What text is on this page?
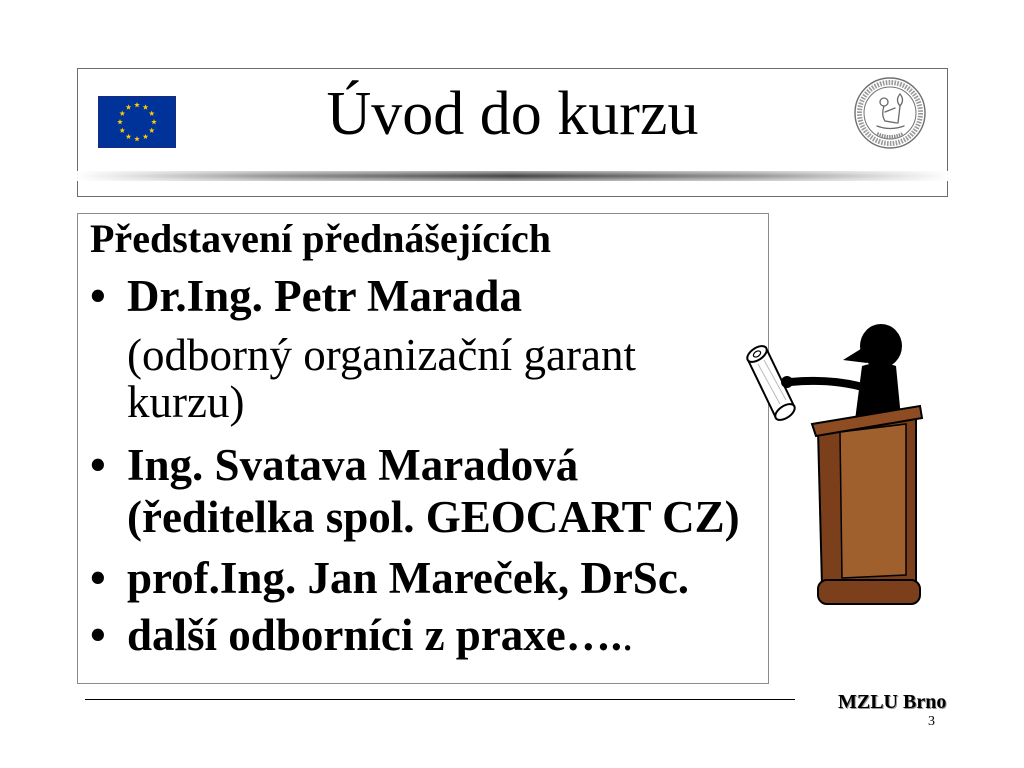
Úvod do kurzu
Představení přednášejících
• Dr.Ing. Petr Marada
(odborný organizační garant
kurzu)
• Ing. Svatava Maradová
(ředitelka spol. GEOCART CZ)
• prof.Ing. Jan Mareček, DrSc.
• další odborníci z praxe…..
MZLU Brno
3
